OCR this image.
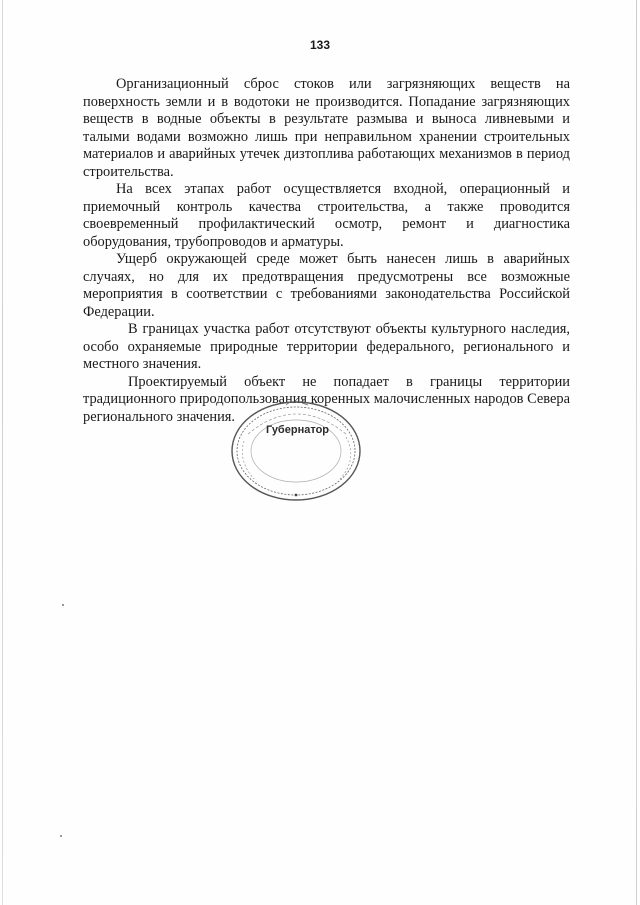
133

Организационный сброс стоков или загрязняющих веществ на поверхность земли и в водотоки не производится. Попадание загрязняющих веществ в водные объекты в результате размыва и выноса ливневыми и талыми водами возможно лишь при неправильном хранении строительных материалов и аварийных утечек дизтоплива работающих механизмов в период строительства.

На всех этапах работ осуществляется входной, операционный и приемочный контроль качества строительства, а также проводится своевременный профилактический осмотр, ремонт и диагностика оборудования, трубопроводов и арматуры.

Ущерб окружающей среде может быть нанесен лишь в аварийных случаях, но для их предотвращения предусмотрены все возможные мероприятия в соответствии с требованиями законодательства Российской Федерации.

В границах участка работ отсутствуют объекты культурного наследия, особо охраняемые природные территории федерального, регионального и местного значения.

Проектируемый объект не попадает в границы территории традиционного природопользования коренных малочисленных народов Севера регионального значения.

Губернатор
